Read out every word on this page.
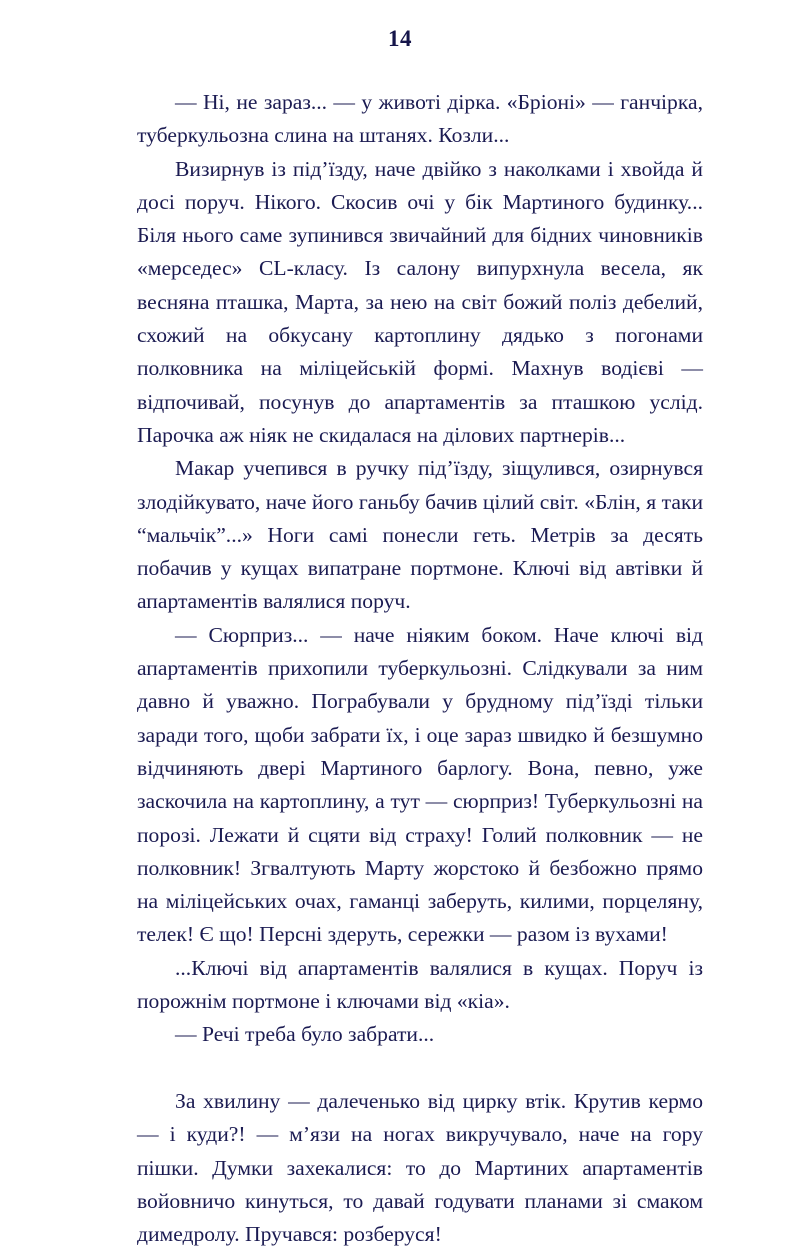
14

— Ні, не зараз... — у животі дірка. «Бріоні» — ганчірка, туберкульозна слина на штанях. Козли...

Визирнув із під’їзду, наче двійко з наколками і хвойда й досі поруч. Нікого. Скосив очі у бік Мартиного будинку... Біля нього саме зупинився звичайний для бідних чиновників «мерседес» CL-класу. Із салону випурхнула весела, як весняна пташка, Марта, за нею на світ божий поліз дебелий, схожий на обкусану картоплину дядько з погонами полковника на міліцейській формі. Махнув водієві — відпочивай, посунув до апартаментів за пташкою услід. Парочка аж ніяк не скидалася на ділових партнерів...

Макар учепився в ручку під’їзду, зіщулився, озирнувся злодійкувато, наче його ганьбу бачив цілий світ. «Блін, я таки “мальчік”...» Ноги самі понесли геть. Метрів за десять побачив у кущах випатране портмоне. Ключі від автівки й апартаментів валялися поруч.

— Сюрприз... — наче ніяким боком. Наче ключі від апартаментів прихопили туберкульозні. Слідкували за ним давно й уважно. Пограбували у брудному під’їзді тільки заради того, щоби забрати їх, і оце зараз швидко й безшумно відчиняють двері Мартиного барлогу. Вона, певно, уже заскочила на картоплину, а тут — сюрприз! Туберкульозні на порозі. Лежати й сцяти від страху! Голий полковник — не полковник! Згвалтують Марту жорстоко й безбожно прямо на міліцейських очах, гаманці заберуть, килими, порцеляну, телек! Є що! Персні здеруть, сережки — разом із вухами!

...Ключі від апартаментів валялися в кущах. Поруч із порожнім портмоне і ключами від «кіа».

— Речі треба було забрати...

За хвилину — далеченько від цирку втік. Крутив кермо — і куди?! — м’язи на ногах викручувало, наче на гору пішки. Думки захекалися: то до Мартиних апартаментів войовничо кинуться, то давай годувати планами зі смаком димедролу. Пручався: розберуся!
